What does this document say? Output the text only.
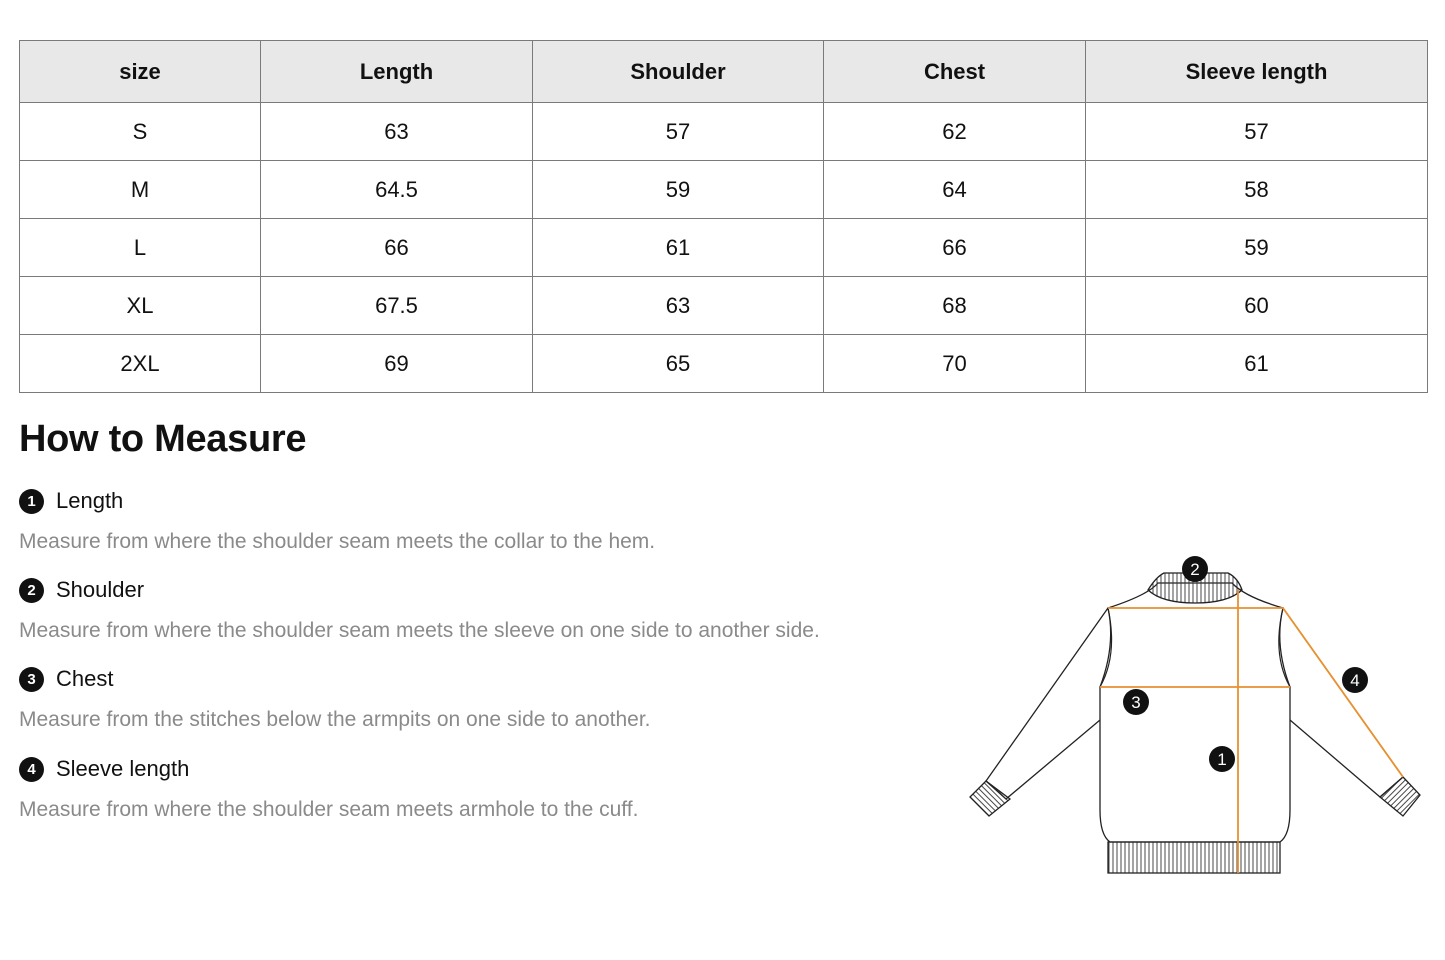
size	Length	Shoulder	Chest	Sleeve length
S	63	57	62	57
M	64.5	59	64	58
L	66	61	66	59
XL	67.5	63	68	60
2XL	69	65	70	61
How to Measure
1 Length
Measure from where the shoulder seam meets the collar to the hem.
2 Shoulder
Measure from where the shoulder seam meets the sleeve on one side to another side.
3 Chest
Measure from the stitches below the armpits on one side to another.
4 Sleeve length
Measure from where the shoulder seam meets armhole to the cuff.
2
3
1
4
